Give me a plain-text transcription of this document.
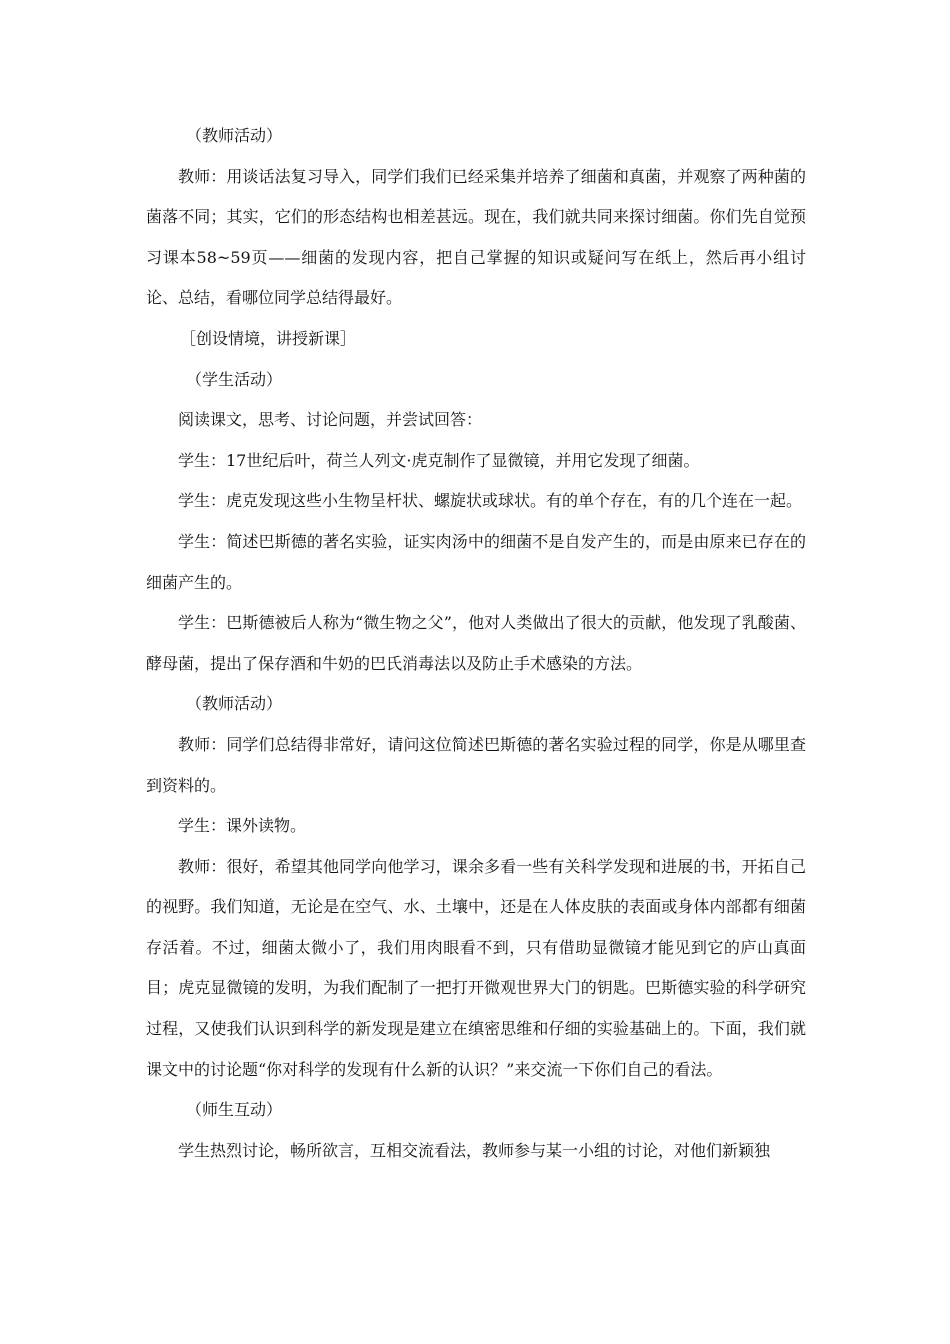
（教师活动）

教师：用谈话法复习导入，同学们我们已经采集并培养了细菌和真菌，并观察了两种菌的菌落不同；其实，它们的形态结构也相差甚远。现在，我们就共同来探讨细菌。你们先自觉预习课本58~59页——细菌的发现内容，把自己掌握的知识或疑问写在纸上，然后再小组讨论、总结，看哪位同学总结得最好。

［创设情境，讲授新课］

（学生活动）

阅读课文，思考、讨论问题，并尝试回答：

学生：17世纪后叶，荷兰人列文·虎克制作了显微镜，并用它发现了细菌。

学生：虎克发现这些小生物呈杆状、螺旋状或球状。有的单个存在，有的几个连在一起。

学生：简述巴斯德的著名实验，证实肉汤中的细菌不是自发产生的，而是由原来已存在的细菌产生的。

学生：巴斯德被后人称为“微生物之父”，他对人类做出了很大的贡献，他发现了乳酸菌、酵母菌，提出了保存酒和牛奶的巴氏消毒法以及防止手术感染的方法。

（教师活动）

教师：同学们总结得非常好，请问这位简述巴斯德的著名实验过程的同学，你是从哪里查到资料的。

学生：课外读物。

教师：很好，希望其他同学向他学习，课余多看一些有关科学发现和进展的书，开拓自己的视野。我们知道，无论是在空气、水、土壤中，还是在人体皮肤的表面或身体内部都有细菌存活着。不过，细菌太微小了，我们用肉眼看不到，只有借助显微镜才能见到它的庐山真面目；虎克显微镜的发明，为我们配制了一把打开微观世界大门的钥匙。巴斯德实验的科学研究过程，又使我们认识到科学的新发现是建立在缜密思维和仔细的实验基础上的。下面，我们就课文中的讨论题“你对科学的发现有什么新的认识？”来交流一下你们自己的看法。

（师生互动）

学生热烈讨论，畅所欲言，互相交流看法，教师参与某一小组的讨论，对他们新颖独
